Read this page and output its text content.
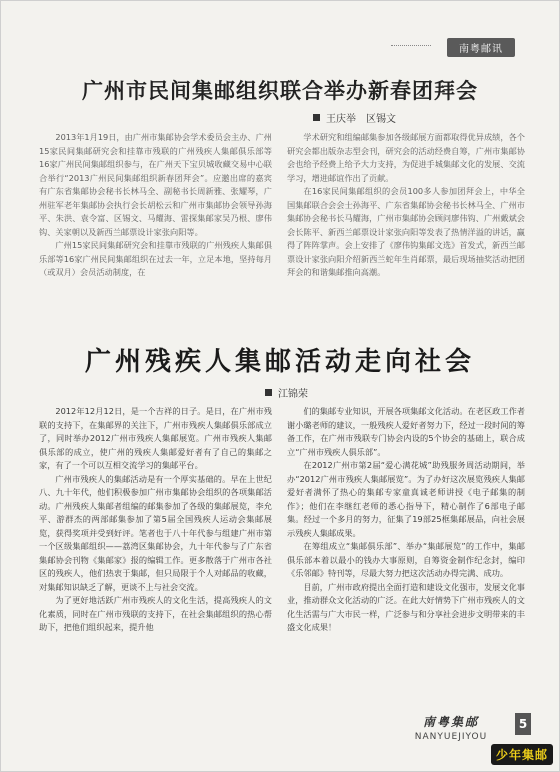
南粤邮讯
广州市民间集邮组织联合举办新春团拜会
王庆举　区锡文

2013年1月19日，由广州市集邮协会学术委员会主办、广州15家民间集邮研究会和挂靠市残联的广州残疾人集邮俱乐部等16家广州民间集邮组织参与，在广州天下宝贝城收藏交易中心联合举行“2013广州民间集邮组织新春团拜会”。应邀出席的嘉宾有广东省集邮协会秘书长林马全、副秘书长周新雅、张耀琴，广州驻军老年集邮协会执行会长胡松云和广州市集邮协会领导孙海平、朱洪、袁令富、区锡文、马耀海、雷探集邮家吴乃根、廖伟钩、关家朝以及新西兰邮票设计家张向阳等。

广州15家民间集邮研究会和挂靠市残联的广州残疾人集邮俱乐部等16家广州民间集邮组织在过去一年，立足本地，坚持每月（或双月）会员活动制度，在

学术研究和组编邮集参加各级邮展方面都取得优异成绩，各个研究会都出版杂志型会刊，研究会的活动经费自筹，广州市集邮协会也给予经费上给予大力支持，为促进手城集邮文化的发展、交流学习，增进邮谊作出了贡献。

在16家民间集邮组织的会员100多人参加团拜会上，中华全国集邮联合会会士孙海平、广东省集邮协会秘书长林马全、广州市集邮协会秘书长马耀海，广州市集邮协会顾问廖伟钩、广州戴斌会会长陈平、新西兰邮票设计家张向阳等发表了热情洋溢的讲话，赢得了阵阵掌声。会上安排了《廖伟钩集邮文选》首发式，新西兰邮票设计家张向阳介绍新西兰蛇年生肖邮票，最后现场抽奖活动把团拜会的和谐集邮推向高潮。

广州残疾人集邮活动走向社会
江锦荣

2012年12月12日，是一个吉祥的日子。是日，在广州市残联的支持下，在集邮界的关注下，广州市残疾人集邮俱乐部成立了，同时举办2012广州市残疾人集邮展览。广州市残疾人集邮俱乐部的成立，使广州的残疾人集邮爱好者有了自己的集邮之家，有了一个可以互相交流学习的集邮平台。

广州市残疾人的集邮活动是有一个厚实基础的。早在上世纪八、九十年代，他们积极参加广州市集邮协会组织的各项集邮活动。广州残疾人集邮者组编的邮集参加了各级的集邮展览，李允平、游群杰的两部邮集参加了第5届全国残疾人运动会集邮展览，获得奖项并受到好评。笔者也于八十年代参与组建广州市第一个区级集邮组织——荔湾区集邮协会，九十年代参与了广东省集邮协会刊物《集邮家》报的编辑工作。更多散落于广州市各社区的残疾人，他们热衷于集邮，但只局限于个人对邮品的收藏，对集邮知识缺乏了解，更谈不上与社会交流。

为了更好地活跃广州市残疾人的文化生活，提高残疾人的文化素质，同时在广州市残联的支持下，在社会集邮组织的热心帮助下，把他们组织起来，提升他

们的集邮专业知识，开展各项集邮文化活动。在老区政工作者谢小璐老师的建议，一般残疾人爱好者努力下，经过一段时间的筹备工作，在广州市残联专门协会内设的5个协会的基础上，联合成立“广州市残疾人俱乐部”。

在2012广州市第2届“爱心满花城”助残服务周活动期间，举办“2012广州市残疾人集邮展览”。为了办好这次展览残疾人集邮爱好者满怀了热心的集邮专家童真诚老师讲授《电子邮集的制作》；他们在李继红老师的悉心指导下，精心制作了6部电子邮集。经过一个多月的努力，征集了19部25框集邮展品，向社会展示残疾人集邮成果。

在筹组成立“集邮俱乐部”、举办“集邮展览”的工作中，集邮俱乐部本着以最小的钱办大事原则，自筹资金制作纪念封，编印《乐邻邮》特刊等，尽最大努力把这次活动办得完满、成功。

目前，广州市政府提出全面打造和建设文化强市，发展文化事业，推动群众文化活动的广泛。在此大好情势下广州市残疾人的文化生活需与广大市民一样，广泛参与和分享社会进步文明带来的丰盛文化成果！

南粤集邮
NANYUEJIYOU
5
少年集邮
